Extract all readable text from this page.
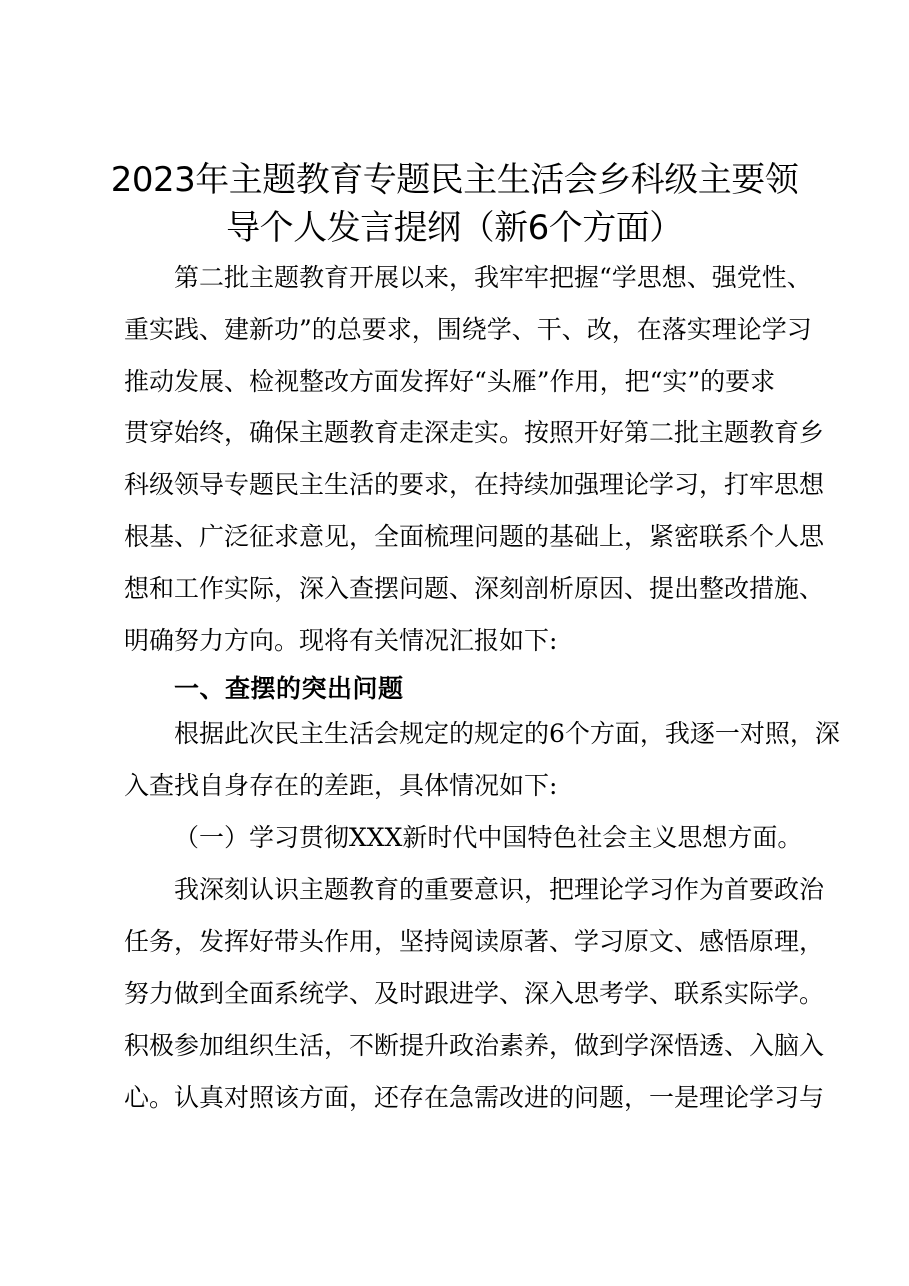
2023年主题教育专题民主生活会乡科级主要领
导个人发言提纲（新6个方面）

第二批主题教育开展以来，我牢牢把握“学思想、强党性、

重实践、建新功”的总要求，围绕学、干、改，在落实理论学习

推动发展、检视整改方面发挥好“头雁”作用，把“实”的要求

贯穿始终，确保主题教育走深走实。按照开好第二批主题教育乡

科级领导专题民主生活的要求，在持续加强理论学习，打牢思想

根基、广泛征求意见，全面梳理问题的基础上，紧密联系个人思

想和工作实际，深入查摆问题、深刻剖析原因、提出整改措施、

明确努力方向。现将有关情况汇报如下:

一、查摆的突出问题

根据此次民主生活会规定的规定的6个方面，我逐一对照，深

入查找自身存在的差距，具体情况如下:

（一）学习贯彻XXX新时代中国特色社会主义思想方面。

我深刻认识主题教育的重要意识，把理论学习作为首要政治

任务，发挥好带头作用，坚持阅读原著、学习原文、感悟原理，

努力做到全面系统学、及时跟进学、深入思考学、联系实际学。

积极参加组织生活，不断提升政治素养，做到学深悟透、入脑入

心。认真对照该方面，还存在急需改进的问题，一是理论学习与
